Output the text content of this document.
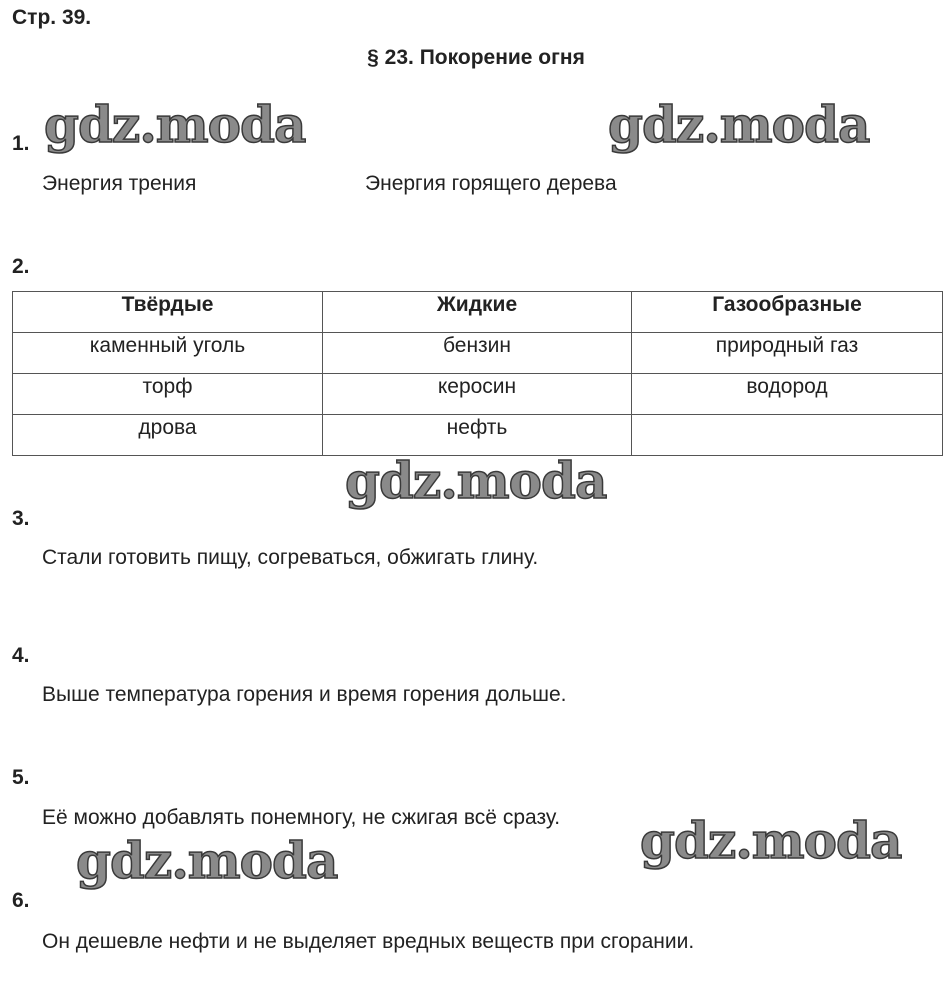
Стр. 39.
§ 23. Покорение огня
1.
Энергия трения	Энергия горящего дерева
2.
Твёрдые	Жидкие	Газообразные
каменный уголь	бензин	природный газ
торф	керосин	водород
дрова	нефть	
3.
Стали готовить пищу, согреваться, обжигать глину.
4.
Выше температура горения и время горения дольше.
5.
Её можно добавлять понемногу, не сжигая всё сразу.
6.
Он дешевле нефти и не выделяет вредных веществ при сгорании.
gdz.moda	gdz.moda
gdz.moda
gdz.moda
gdz.moda
